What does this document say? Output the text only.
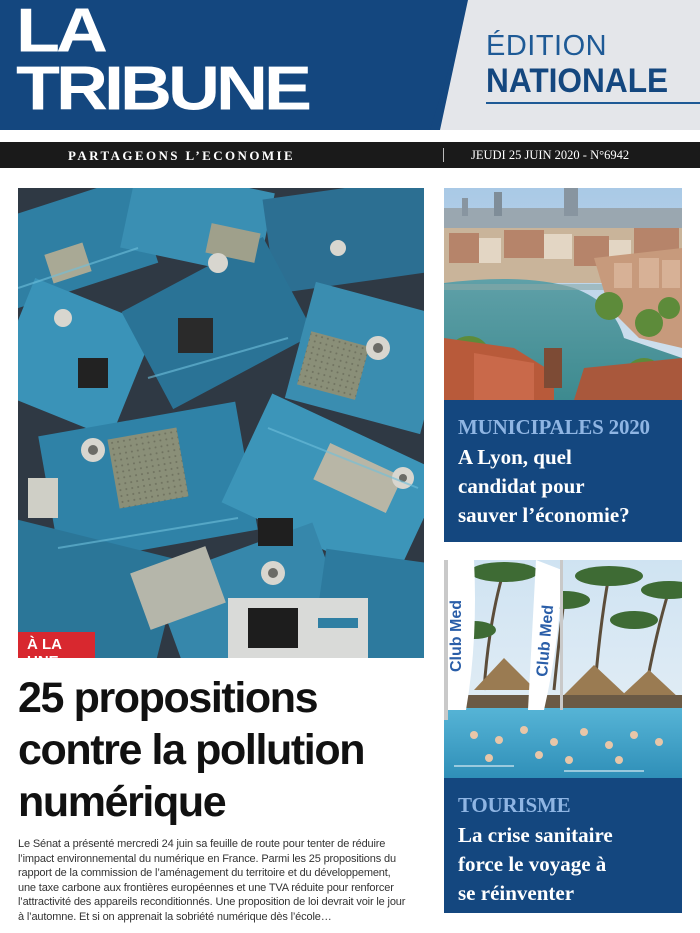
LA
TRIBUNE
ÉDITION
NATIONALE
PARTAGEONS L’ECONOMIE	JEUDI 25 JUIN 2020 - N°6942
À LA UNE
25 propositions
contre la pollution
numérique
Le Sénat a présenté mercredi 24 juin sa feuille de route pour tenter de réduire
l’impact environnemental du numérique en France. Parmi les 25 propositions du
rapport de la commission de l’aménagement du territoire et du développement,
une taxe carbone aux frontières européennes et une TVA réduite pour renforcer
l’attractivité des appareils reconditionnés. Une proposition de loi devrait voir le jour
à l’automne. Et si on apprenait la sobriété numérique dès l’école…
MUNICIPALES 2020
A Lyon, quel
candidat pour
sauver l’économie?
Club Med	Club Med
TOURISME
La crise sanitaire
force le voyage à
se réinventer
